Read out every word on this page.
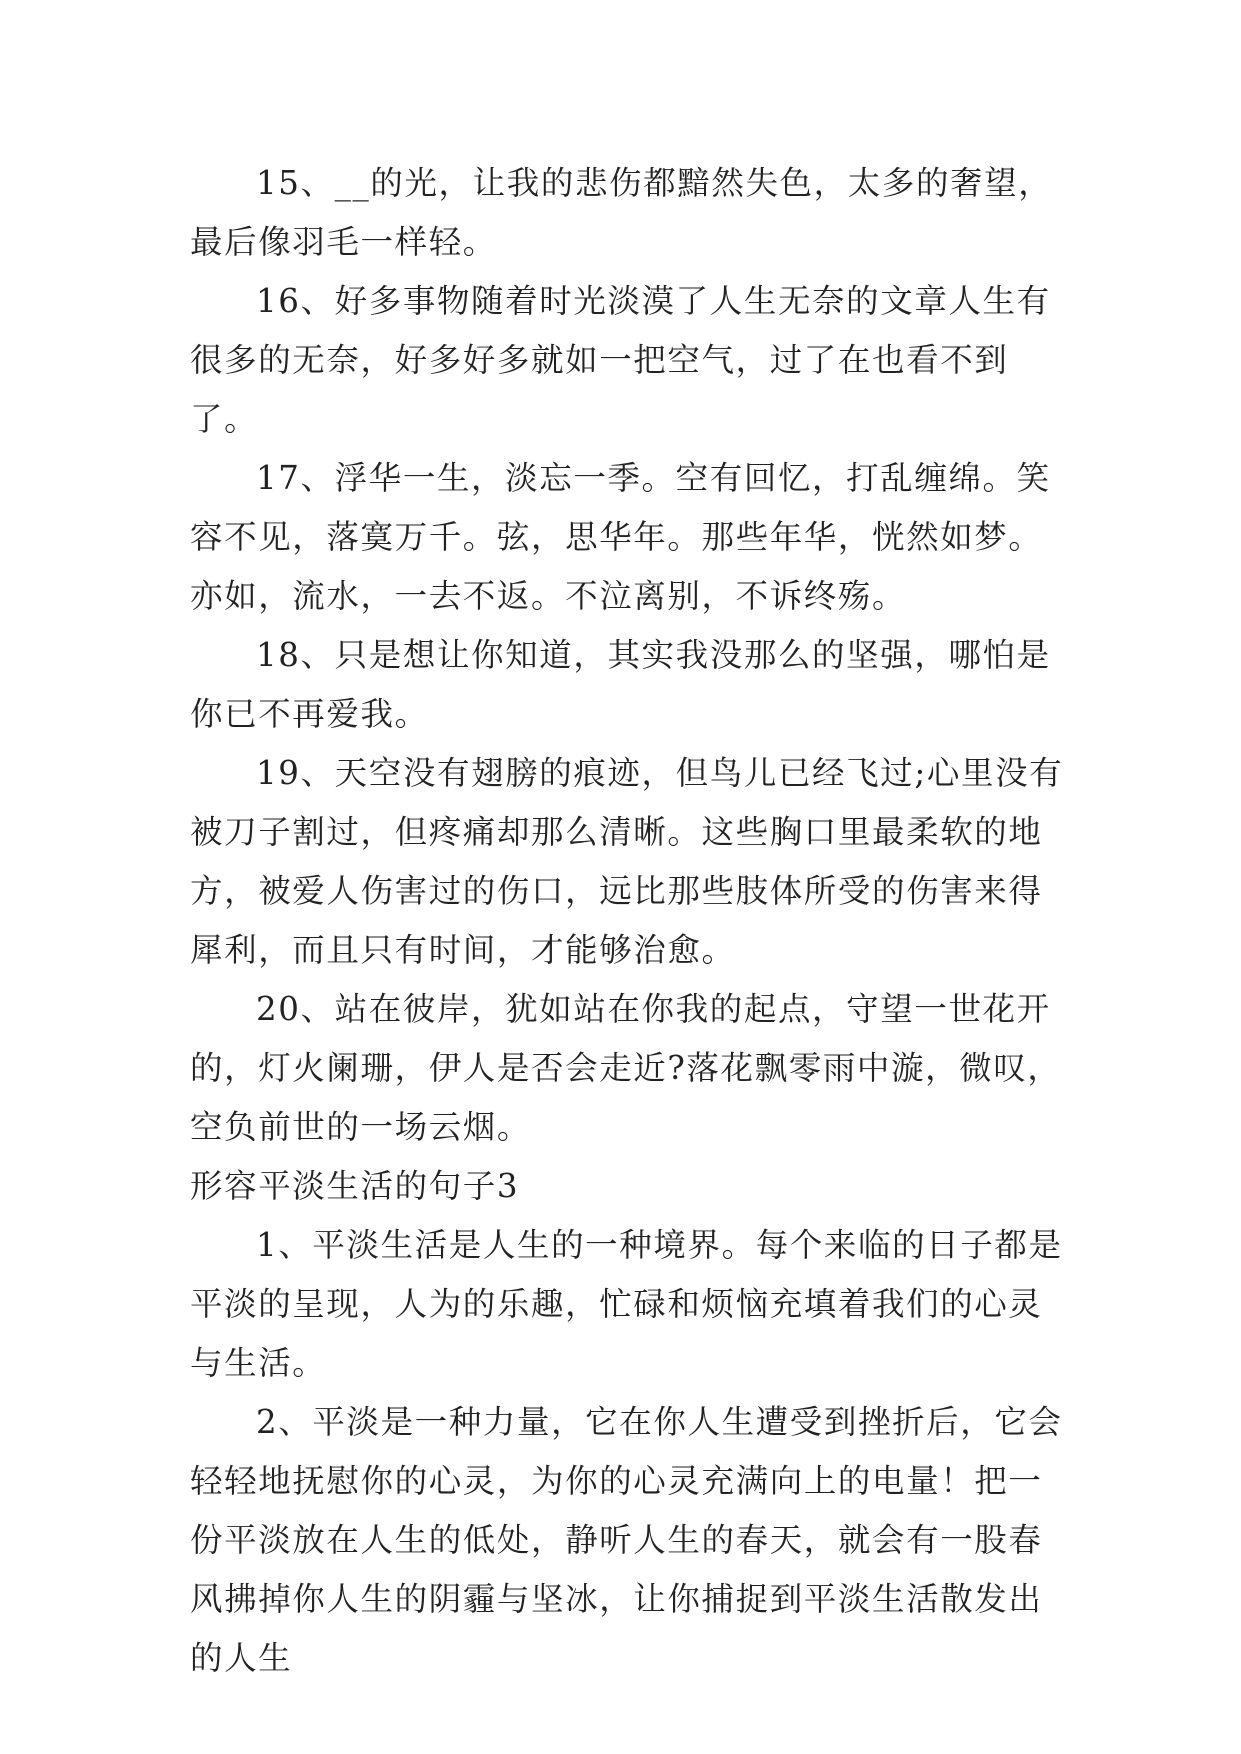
15、__的光，让我的悲伤都黯然失色，太多的奢望，最后像羽毛一样轻。

16、好多事物随着时光淡漠了人生无奈的文章人生有很多的无奈，好多好多就如一把空气，过了在也看不到了。

17、浮华一生，淡忘一季。空有回忆，打乱缠绵。笑容不见，落寞万千。弦，思华年。那些年华，恍然如梦。亦如，流水，一去不返。不泣离别，不诉终殇。

18、只是想让你知道，其实我没那么的坚强，哪怕是你已不再爱我。

19、天空没有翅膀的痕迹，但鸟儿已经飞过;心里没有被刀子割过，但疼痛却那么清晰。这些胸口里最柔软的地方，被爱人伤害过的伤口，远比那些肢体所受的伤害来得犀利，而且只有时间，才能够治愈。

20、站在彼岸，犹如站在你我的起点，守望一世花开的，灯火阑珊，伊人是否会走近?落花飘零雨中漩，微叹，空负前世的一场云烟。

形容平淡生活的句子3

1、平淡生活是人生的一种境界。每个来临的日子都是平淡的呈现，人为的乐趣，忙碌和烦恼充填着我们的心灵与生活。

2、平淡是一种力量，它在你人生遭受到挫折后，它会轻轻地抚慰你的心灵，为你的心灵充满向上的电量！把一份平淡放在人生的低处，静听人生的春天，就会有一股春风拂掉你人生的阴霾与坚冰，让你捕捉到平淡生活散发出的人生
